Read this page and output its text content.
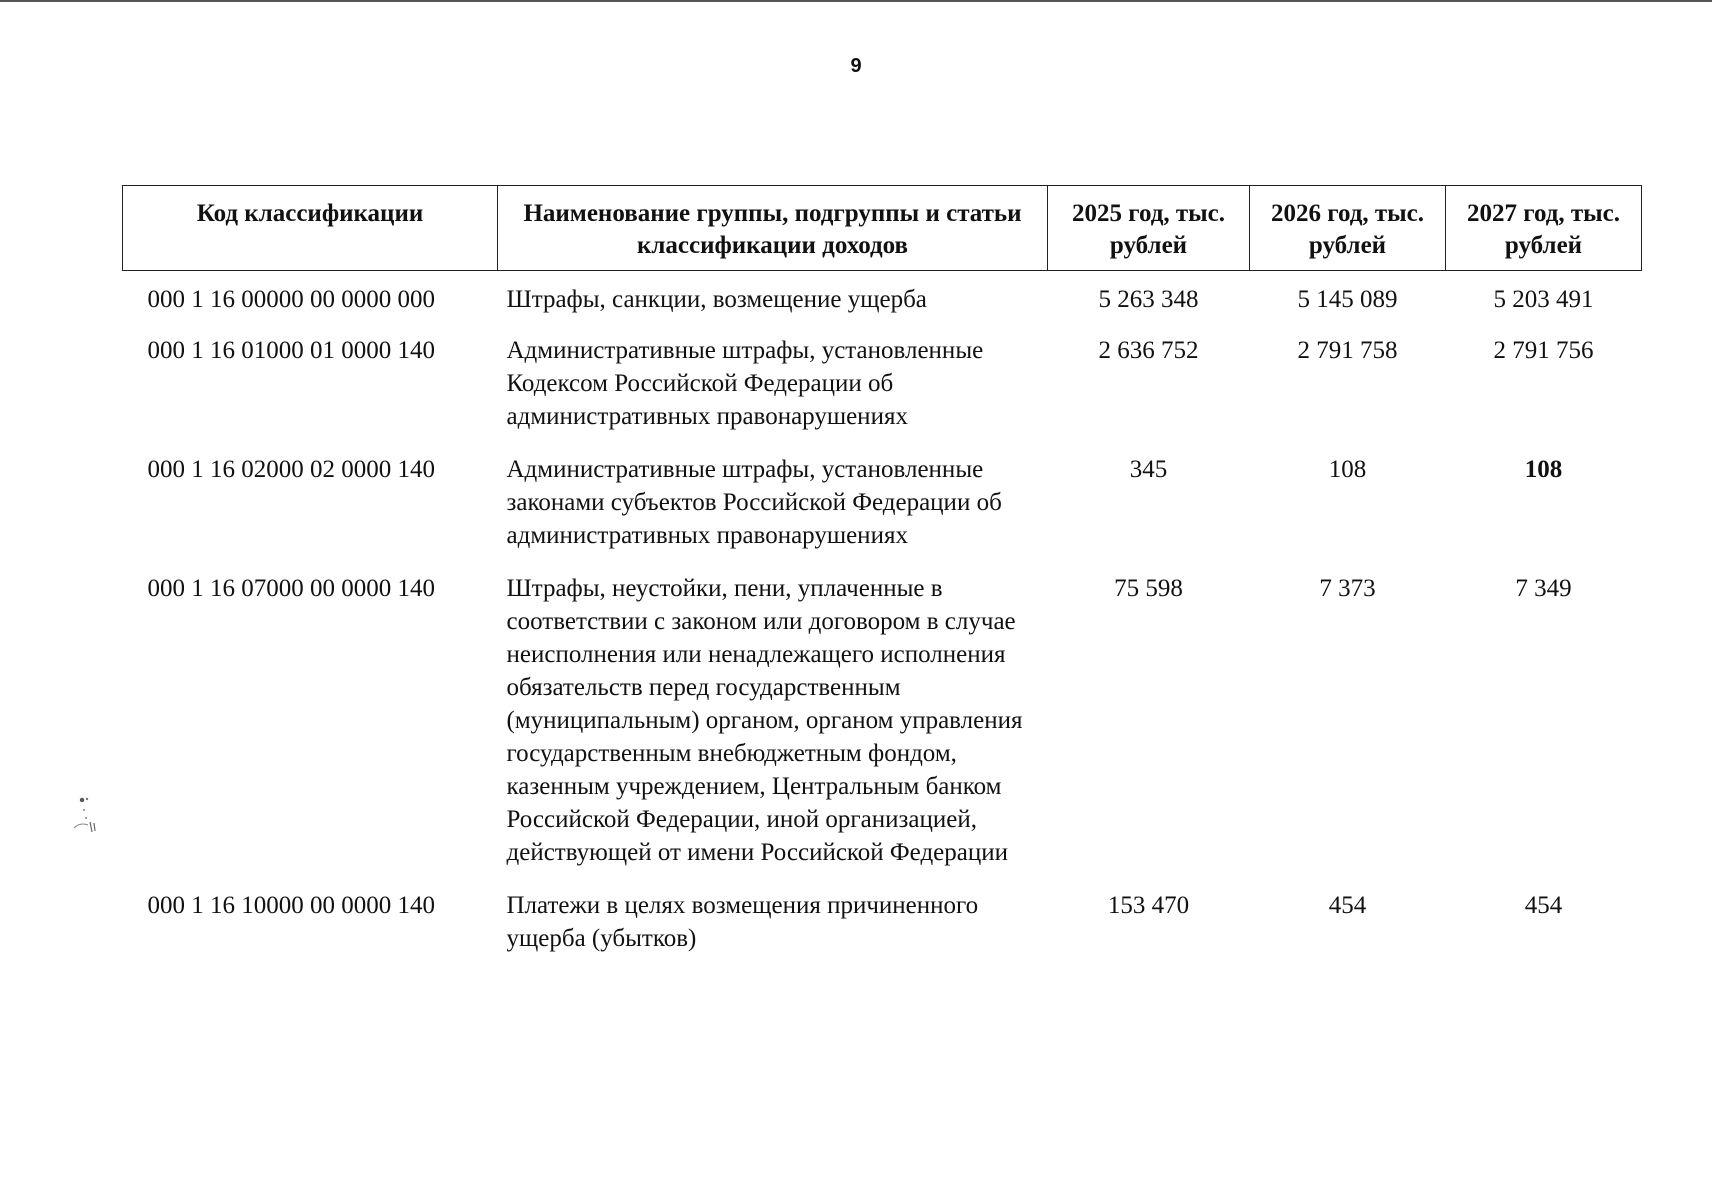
9
Код классификации	Наименование группы, подгруппы и статьи классификации доходов	2025 год, тыс. рублей	2026 год, тыс. рублей	2027 год, тыс. рублей
000 1 16 00000 00 0000 000	Штрафы, санкции, возмещение ущерба	5 263 348	5 145 089	5 203 491
000 1 16 01000 01 0000 140	Административные штрафы, установленные Кодексом Российской Федерации об административных правонарушениях	2 636 752	2 791 758	2 791 756
000 1 16 02000 02 0000 140	Административные штрафы, установленные законами субъектов Российской Федерации об административных правонарушениях	345	108	108
000 1 16 07000 00 0000 140	Штрафы, неустойки, пени, уплаченные в соответствии с законом или договором в случае неисполнения или ненадлежащего исполнения обязательств перед государственным (муниципальным) органом, органом управления государственным внебюджетным фондом, казенным учреждением, Центральным банком Российской Федерации, иной организацией, действующей от имени Российской Федерации	75 598	7 373	7 349
000 1 16 10000 00 0000 140	Платежи в целях возмещения причиненного ущерба (убытков)	153 470	454	454
